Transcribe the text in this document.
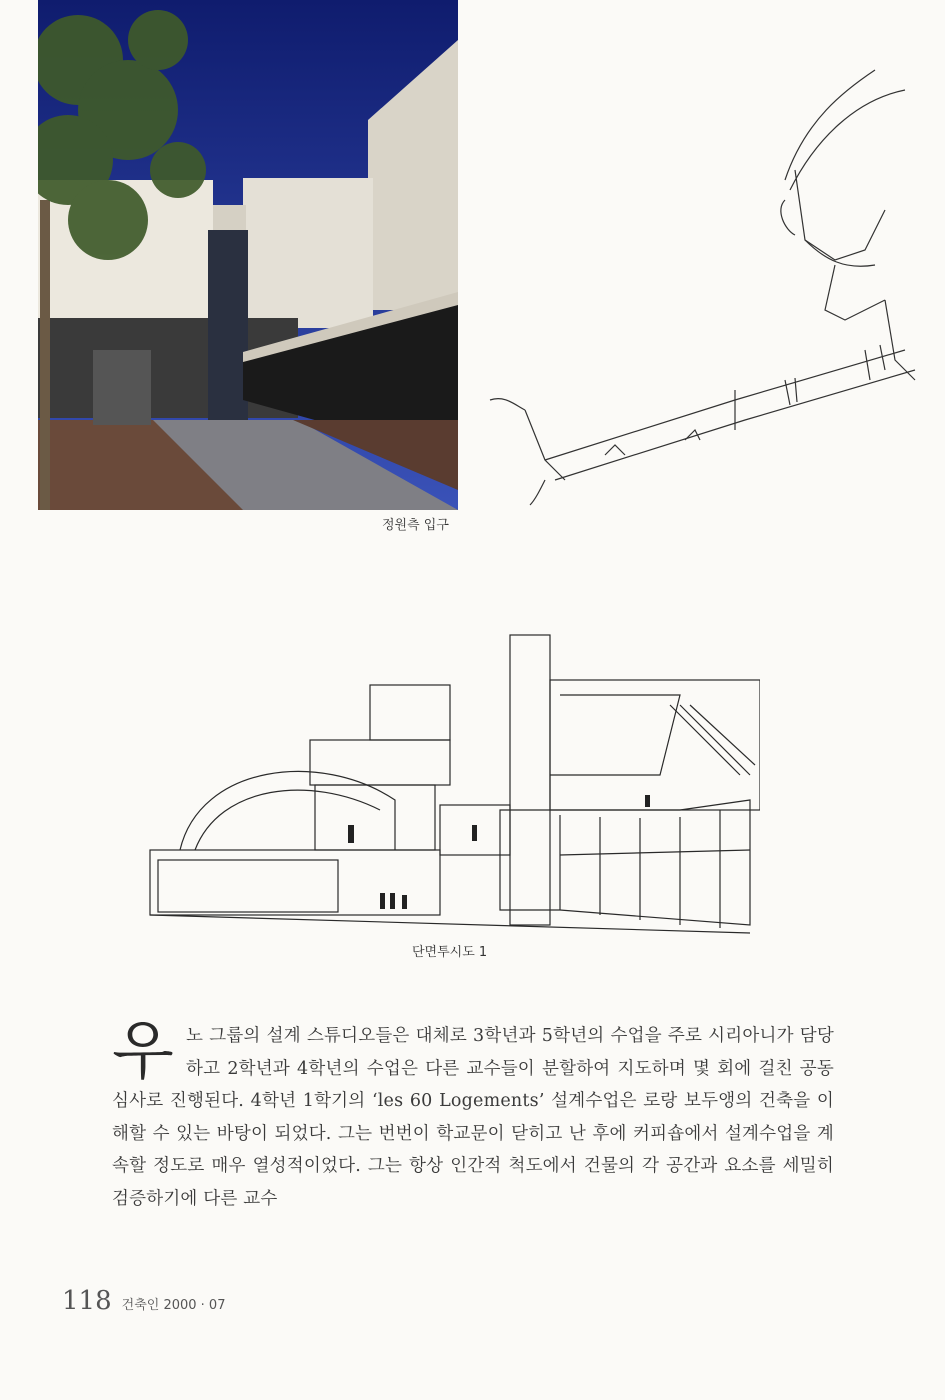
정원측 입구
단면투시도 1
우 노 그룹의 설계 스튜디오들은 대체로 3학년과 5학년의 수업을 주로 시리아니가 담당하고 2학년과 4학년의 수업은 다른 교수들이 분할하여 지도하며 몇 회에 걸친 공동심사로 진행된다. 4학년 1학기의 ‘les 60 Logements’ 설계수업은 로랑 보두앵의 건축을 이해할 수 있는 바탕이 되었다. 그는 번번이 학교문이 닫히고 난 후에 커피숍에서 설계수업을 계속할 정도로 매우 열성적이었다. 그는 항상 인간적 척도에서 건물의 각 공간과 요소를 세밀히 검증하기에 다른 교수
118 건축인 2000 · 07
